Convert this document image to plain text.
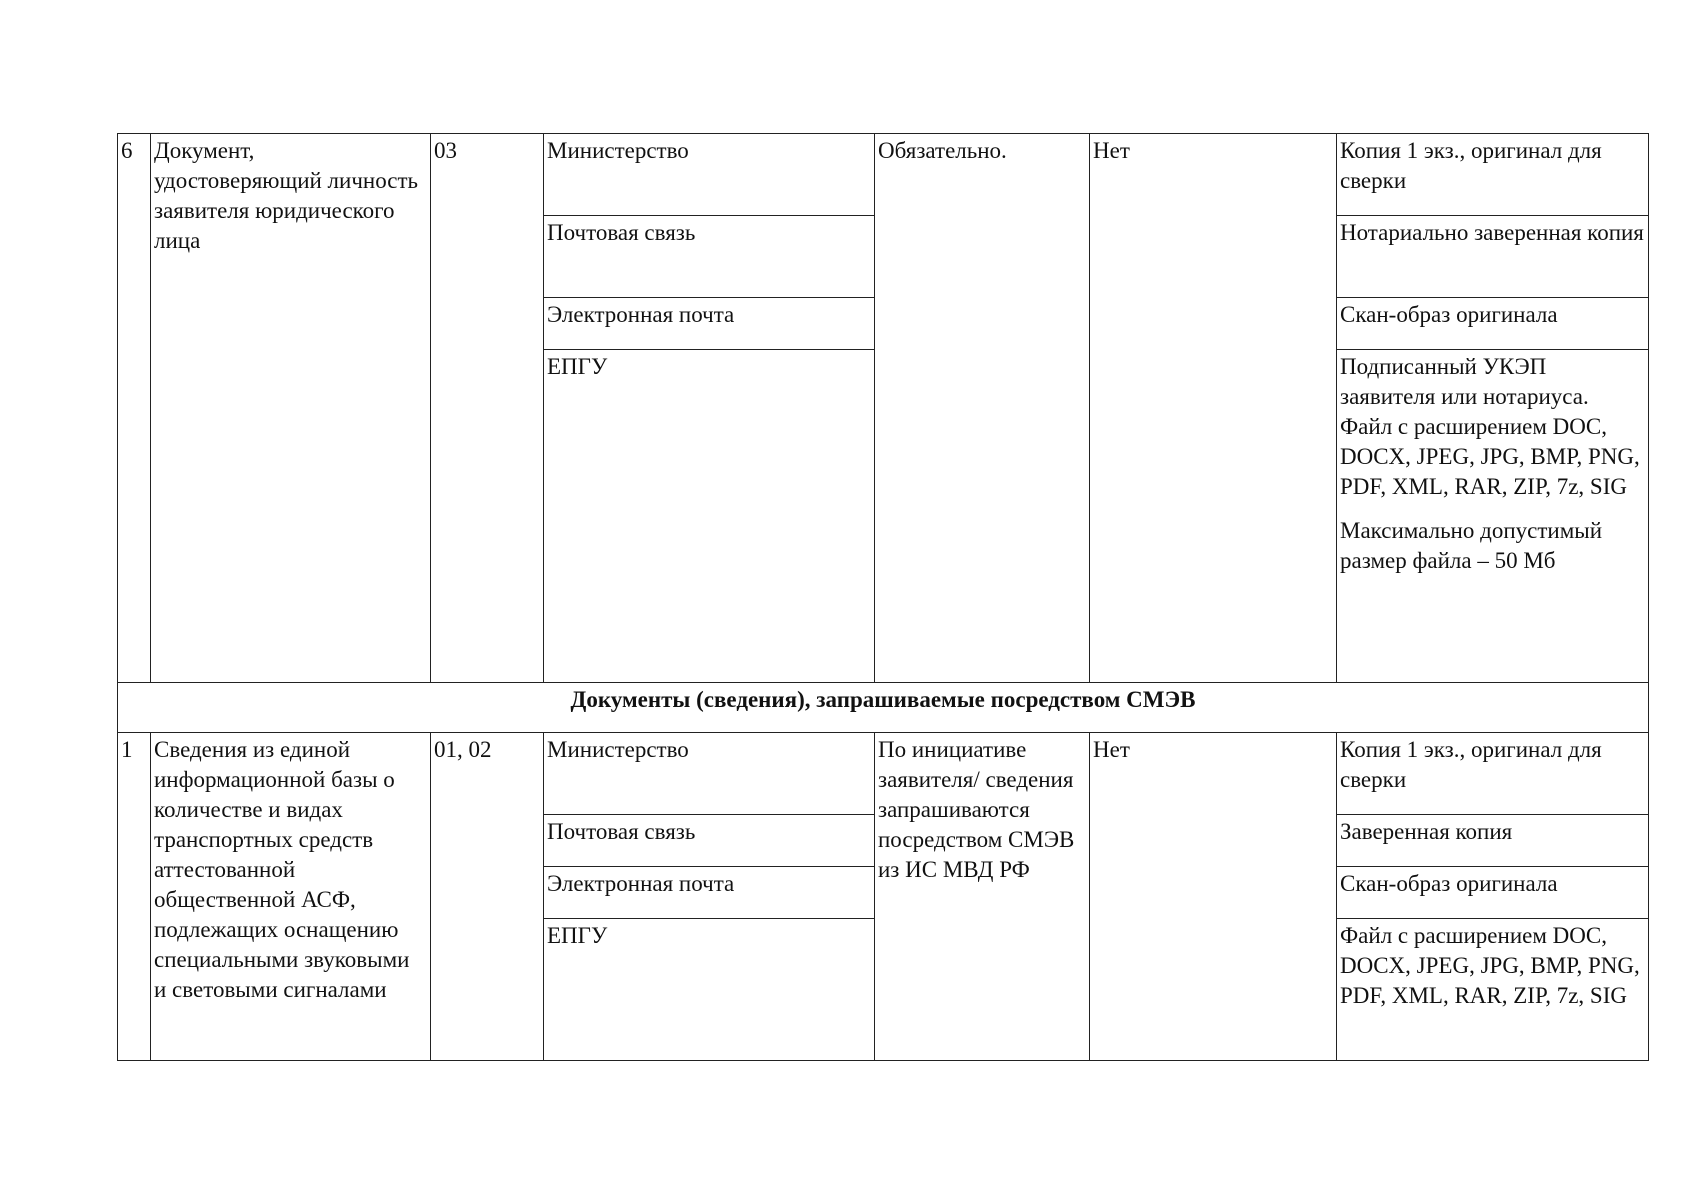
6	Документ, удостоверяющий личность заявителя юридического лица	03	Министерство	Обязательно.	Нет	Копия 1 экз., оригинал для сверки
			Почтовая связь			Нотариально заверенная копия
			Электронная почта			Скан-образ оригинала
			ЕПГУ			Подписанный УКЭП заявителя или нотариуса. Файл с расширением DOC, DOCX, JPEG, JPG, BMP, PNG, PDF, XML, RAR, ZIP, 7z, SIG

Максимально допустимый размер файла – 50 Мб

Документы (сведения), запрашиваемые посредством СМЭВ						
1	Сведения из единой информационной базы о количестве и видах транспортных средств аттестованной общественной АСФ, подлежащих оснащению специальными звуковыми и световыми сигналами	01, 02	Министерство	По инициативе заявителя/ сведения запрашиваются посредством СМЭВ из ИС МВД РФ	Нет	Копия 1 экз., оригинал для сверки
			Почтовая связь			Заверенная копия
			Электронная почта			Скан-образ оригинала
			ЕПГУ			Файл с расширением DOC, DOCX, JPEG, JPG, BMP, PNG, PDF, XML, RAR, ZIP, 7z, SIG
